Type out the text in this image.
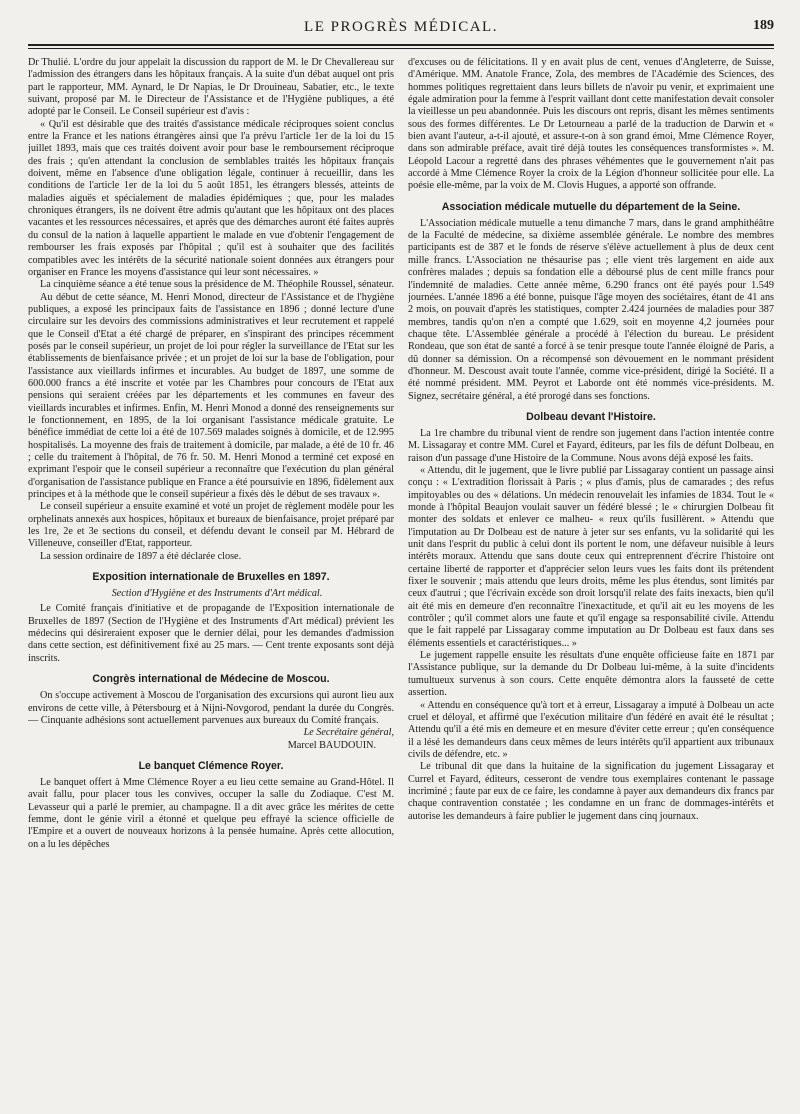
LE PROGRÈS MÉDICAL.	189

Dr Thulié. L'ordre du jour appelait la discussion du rapport de M. le Dr Chevallereau sur l'admission des étrangers dans les hôpitaux français. A la suite d'un débat auquel ont pris part le rapporteur, MM. Aynard, le Dr Napias, le Dr Drouineau, Sabatier, etc., le texte suivant, proposé par M. le Directeur de l'Assistance et de l'Hygiène publiques, a été adopté par le Conseil. Le Conseil supérieur est d'avis :

« Qu'il est désirable que des traités d'assistance médicale réciproques soient conclus entre la France et les nations étrangères ainsi que l'a prévu l'article 1er de la loi du 15 juillet 1893, mais que ces traités doivent avoir pour base le remboursement réciproque des frais ; qu'en attendant la conclusion de semblables traités les hôpitaux français doivent, même en l'absence d'une obligation légale, continuer à recueillir, dans les conditions de l'article 1er de la loi du 5 août 1851, les étrangers blessés, atteints de maladies aiguës et spécialement de maladies épidémiques ; que, pour les malades chroniques étrangers, ils ne doivent être admis qu'autant que les hôpitaux ont des places vacantes et les ressources nécessaires, et après que des démarches auront été faites auprès du consul de la nation à laquelle appartient le malade en vue d'obtenir l'engagement de rembourser les frais exposés par l'hôpital ; qu'il est à souhaiter que des facilités compatibles avec les intérêts de la sécurité nationale soient données aux étrangers pour organiser en France les moyens d'assistance qui leur sont nécessaires. »

La cinquième séance a été tenue sous la présidence de M. Théophile Roussel, sénateur.

Au début de cette séance, M. Henri Monod, directeur de l'Assistance et de l'hygiène publiques, a exposé les principaux faits de l'assistance en 1896 ; donné lecture d'une circulaire sur les devoirs des commissions administratives et leur recrutement et rappelé que le Conseil d'Etat a été chargé de préparer, en s'inspirant des principes récemment posés par le conseil supérieur, un projet de loi pour régler la surveillance de l'Etat sur les établissements de bienfaisance privée ; et un projet de loi sur la base de l'obligation, pour l'assistance aux vieillards infirmes et incurables. Au budget de 1897, une somme de 600.000 francs a été inscrite et votée par les Chambres pour concours de l'Etat aux pensions qui seraient créées par les départements et les communes en faveur des vieillards incurables et infirmes. Enfin, M. Henri Monod a donné des renseignements sur le fonctionnement, en 1895, de la loi organisant l'assistance médicale gratuite. Le bénéfice immédiat de cette loi a été de 107.569 malades soignés à domicile, et de 12.995 hospitalisés. La moyenne des frais de traitement à domicile, par malade, a été de 10 fr. 46 ; celle du traitement à l'hôpital, de 76 fr. 50. M. Henri Monod a terminé cet exposé en exprimant l'espoir que le conseil supérieur a reconnaître que l'exécution du plan général d'organisation de l'assistance publique en France a été poursuivie en 1896, fidèlement aux principes et à la méthode que le conseil supérieur a fixés dès le début de ses travaux ».

Le conseil supérieur a ensuite examiné et voté un projet de règlement modèle pour les orphelinats annexés aux hospices, hôpitaux et bureaux de bienfaisance, projet préparé par les 1re, 2e et 3e sections du conseil, et défendu devant le conseil par M. Hébrard de Villeneuve, conseiller d'Etat, rapporteur.

La session ordinaire de 1897 a été déclarée close.

Exposition internationale de Bruxelles en 1897.

Section d'Hygiène et des Instruments d'Art médical.

Le Comité français d'initiative et de propagande de l'Exposition internationale de Bruxelles de 1897 (Section de l'Hygiène et des Instruments d'Art médical) prévient les médecins qui désireraient exposer que le dernier délai, pour les demandes d'admission dans cette section, est définitivement fixé au 25 mars. — Cent trente exposants sont déjà inscrits.

Congrès international de Médecine de Moscou.

On s'occupe activement à Moscou de l'organisation des excursions qui auront lieu aux environs de cette ville, à Pétersbourg et à Nijni-Novgorod, pendant la durée du Congrès. — Cinquante adhésions sont actuellement parvenues aux bureaux du Comité français.

Le Secrétaire général,

Marcel BAUDOUIN.

Le banquet Clémence Royer.

Le banquet offert à Mme Clémence Royer a eu lieu cette semaine au Grand-Hôtel. Il avait fallu, pour placer tous les convives, occuper la salle du Zodiaque. C'est M. Levasseur qui a parlé le premier, au champagne. Il a dit avec grâce les mérites de cette femme, dont le génie viril a étonné et quelque peu effrayé la science officielle de l'Empire et a ouvert de nouveaux horizons à la pensée humaine. Après cette allocution, on a lu les dépêches

d'excuses ou de félicitations. Il y en avait plus de cent, venues d'Angleterre, de Suisse, d'Amérique. MM. Anatole France, Zola, des membres de l'Académie des Sciences, des hommes politiques regrettaient dans leurs billets de n'avoir pu venir, et exprimaient une égale admiration pour la femme à l'esprit vaillant dont cette manifestation devait consoler la vieillesse un peu abandonnée. Puis les discours ont repris, disant les mêmes sentiments sous des formes différentes. Le Dr Letourneau a parlé de la traduction de Darwin et « bien avant l'auteur, a-t-il ajouté, et assure-t-on à son grand émoi, Mme Clémence Royer, dans son admirable préface, avait tiré déjà toutes les conséquences transformistes ». M. Léopold Lacour a regretté dans des phrases véhémentes que le gouvernement n'ait pas accordé à Mme Clémence Royer la croix de la Légion d'honneur sollicitée pour elle. La poésie elle-même, par la voix de M. Clovis Hugues, a apporté son offrande.

Association médicale mutuelle du département de la Seine.

L'Association médicale mutuelle a tenu dimanche 7 mars, dans le grand amphithéâtre de la Faculté de médecine, sa dixième assemblée générale. Le nombre des membres participants est de 387 et le fonds de réserve s'élève actuellement à plus de deux cent mille francs. L'Association ne thésaurise pas ; elle vient très largement en aide aux confrères malades ; depuis sa fondation elle a déboursé plus de cent mille francs pour l'indemnité de maladies. Cette année même, 6.290 francs ont été payés pour 1.549 journées. L'année 1896 a été bonne, puisque l'âge moyen des sociétaires, étant de 41 ans 2 mois, on pouvait d'après les statistiques, compter 2.424 journées de maladies pour 387 membres, tandis qu'on n'en a compté que 1.629, soit en moyenne 4,2 journées pour chaque tête. L'Assemblée générale a procédé à l'élection du bureau. Le président Rondeau, que son état de santé a forcé à se tenir presque toute l'année éloigné de Paris, a dû donner sa démission. On a récompensé son dévouement en le nommant président d'honneur. M. Descoust avait toute l'année, comme vice-président, dirigé la Société. Il a été nommé président. MM. Peyrot et Laborde ont été nommés vice-présidents. M. Signez, secrétaire général, a été prorogé dans ses fonctions.

Dolbeau devant l'Histoire.

La 1re chambre du tribunal vient de rendre son jugement dans l'action intentée contre M. Lissagaray et contre MM. Curel et Fayard, éditeurs, par les fils de défunt Dolbeau, en raison d'un passage d'une Histoire de la Commune. Nous avons déjà exposé les faits.

« Attendu, dit le jugement, que le livre publié par Lissagaray contient un passage ainsi conçu : « L'extradition florissait à Paris ; « plus d'amis, plus de camarades ; des refus impitoyables ou des « délations. Un médecin renouvelait les infamies de 1834. Tout le « monde à l'hôpital Beaujon voulait sauver un fédéré blessé ; le « chirurgien Dolbeau fit monter des soldats et enlever ce malheu- « reux qu'ils fusillèrent. » Attendu que l'imputation au Dr Dolbeau est de nature à jeter sur ses enfants, vu la solidarité qui les unit dans l'esprit du public à celui dont ils portent le nom, une défaveur nuisible à leurs intérêts moraux. Attendu que sans doute ceux qui entreprennent d'écrire l'histoire ont certaine liberté de rapporter et d'apprécier selon leurs vues les faits dont ils prétendent fixer le souvenir ; mais attendu que leurs droits, même les plus étendus, sont limités par ceux d'autrui ; que l'écrivain excède son droit lorsqu'il relate des faits inexacts, bien qu'il ait été mis en demeure d'en reconnaître l'inexactitude, et qu'il ait eu les moyens de les contrôler ; qu'il commet alors une faute et qu'il engage sa responsabilité civile. Attendu que le fait rappelé par Lissagaray comme imputation au Dr Dolbeau est faux dans ses éléments essentiels et caractéristiques... »

Le jugement rappelle ensuite les résultats d'une enquête officieuse faite en 1871 par l'Assistance publique, sur la demande du Dr Dolbeau lui-même, à la suite d'incidents tumultueux survenus à son cours. Cette enquête démontra alors la fausseté de cette assertion.

« Attendu en conséquence qu'à tort et à erreur, Lissagaray a imputé à Dolbeau un acte cruel et déloyal, et affirmé que l'exécution militaire d'un fédéré en avait été le résultat ; Attendu qu'il a été mis en demeure et en mesure d'éviter cette erreur ; qu'en conséquence il a lésé les demandeurs dans ceux mêmes de leurs intérêts qu'il appartient aux tribunaux civils de défendre, etc. »

Le tribunal dit que dans la huitaine de la signification du jugement Lissagaray et Currel et Fayard, éditeurs, cesseront de vendre tous exemplaires contenant le passage incriminé ; faute par eux de ce faire, les condamne à payer aux demandeurs dix francs par chaque contravention constatée ; les condamne en un franc de dommages-intérêts et autorise les demandeurs à faire publier le jugement dans cinq journaux.
